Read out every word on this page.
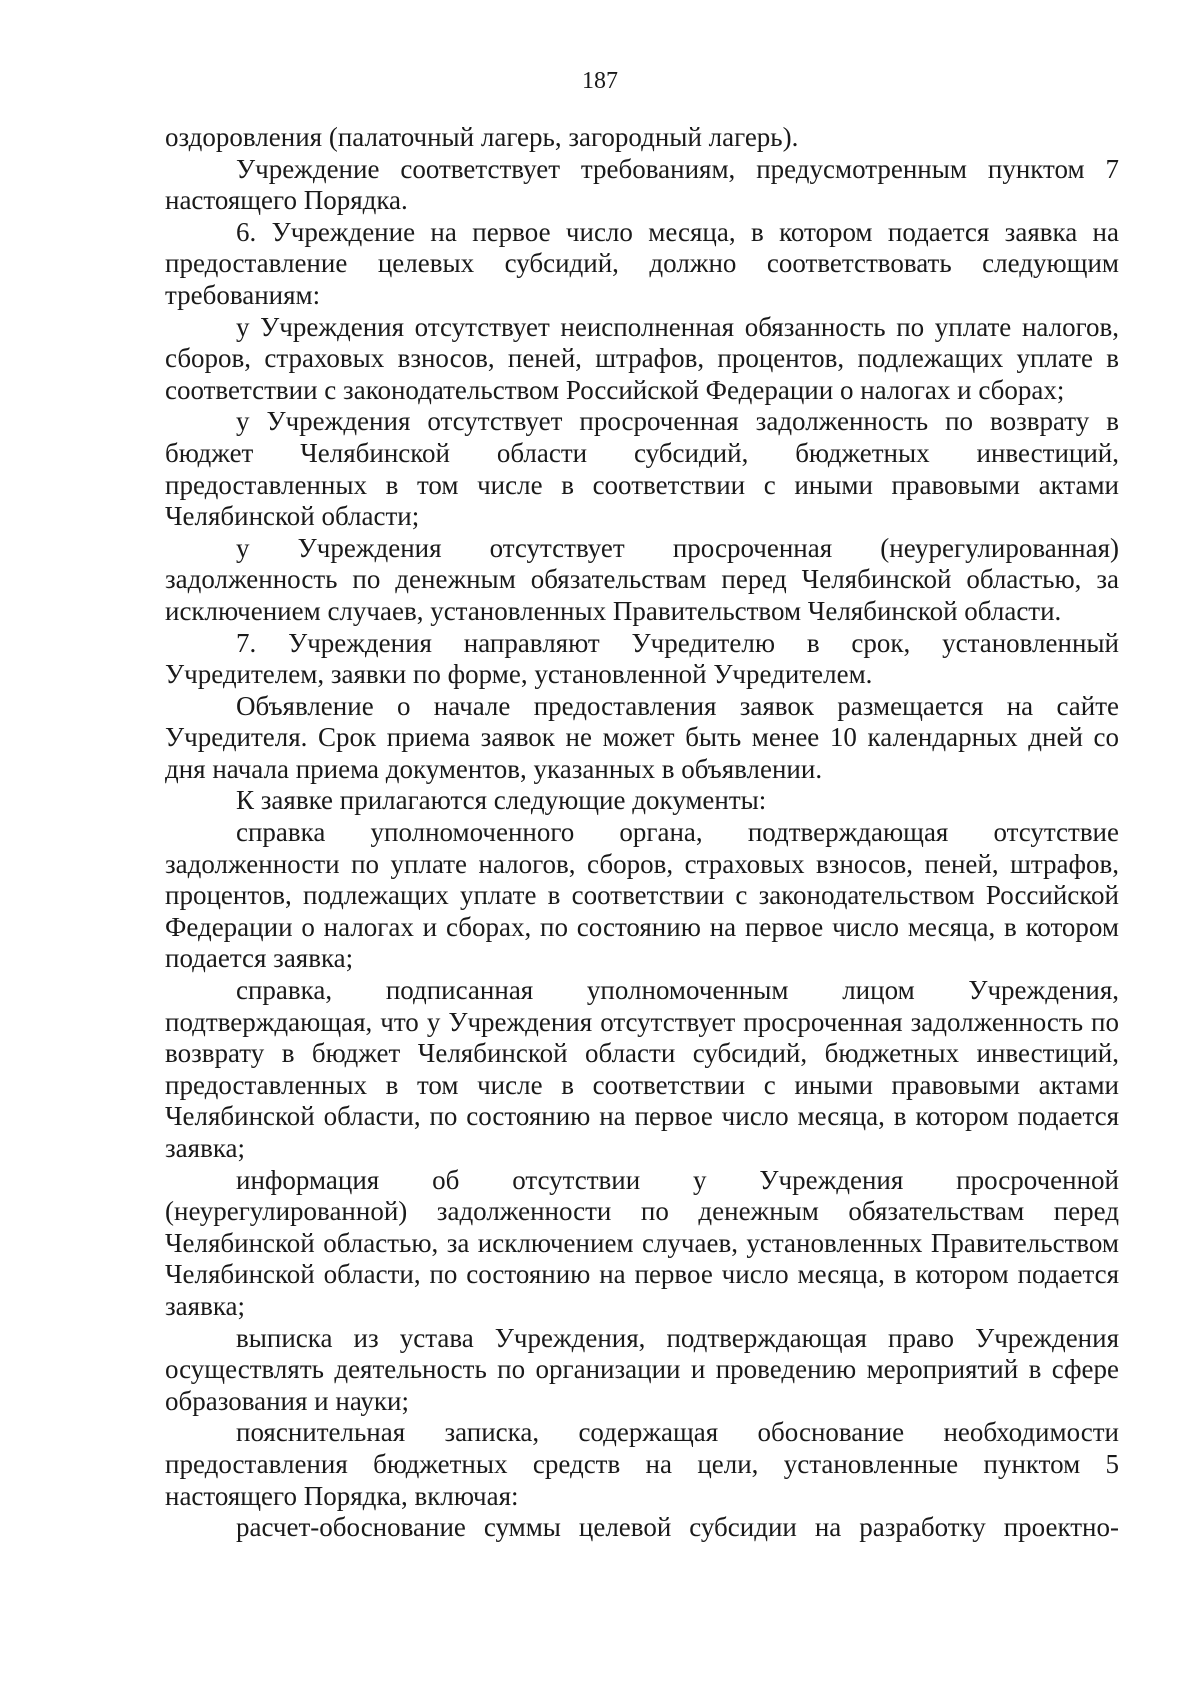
187

оздоровления (палаточный лагерь, загородный лагерь).

Учреждение соответствует требованиям, предусмотренным пунктом 7 настоящего Порядка.

6. Учреждение на первое число месяца, в котором подается заявка на предоставление целевых субсидий, должно соответствовать следующим требованиям:

у Учреждения отсутствует неисполненная обязанность по уплате налогов, сборов, страховых взносов, пеней, штрафов, процентов, подлежащих уплате в соответствии с законодательством Российской Федерации о налогах и сборах;

у Учреждения отсутствует просроченная задолженность по возврату в бюджет Челябинской области субсидий, бюджетных инвестиций, предоставленных в том числе в соответствии с иными правовыми актами Челябинской области;

у Учреждения отсутствует просроченная (неурегулированная) задолженность по денежным обязательствам перед Челябинской областью, за исключением случаев, установленных Правительством Челябинской области.

7. Учреждения направляют Учредителю в срок, установленный Учредителем, заявки по форме, установленной Учредителем.

Объявление о начале предоставления заявок размещается на сайте Учредителя. Срок приема заявок не может быть менее 10 календарных дней со дня начала приема документов, указанных в объявлении.

К заявке прилагаются следующие документы:

справка уполномоченного органа, подтверждающая отсутствие задолженности по уплате налогов, сборов, страховых взносов, пеней, штрафов, процентов, подлежащих уплате в соответствии с законодательством Российской Федерации о налогах и сборах, по состоянию на первое число месяца, в котором подается заявка;

справка, подписанная уполномоченным лицом Учреждения, подтверждающая, что у Учреждения отсутствует просроченная задолженность по возврату в бюджет Челябинской области субсидий, бюджетных инвестиций, предоставленных в том числе в соответствии с иными правовыми актами Челябинской области, по состоянию на первое число месяца, в котором подается заявка;

информация об отсутствии у Учреждения просроченной (неурегулированной) задолженности по денежным обязательствам перед Челябинской областью, за исключением случаев, установленных Правительством Челябинской области, по состоянию на первое число месяца, в котором подается заявка;

выписка из устава Учреждения, подтверждающая право Учреждения осуществлять деятельность по организации и проведению мероприятий в сфере образования и науки;

пояснительная записка, содержащая обоснование необходимости предоставления бюджетных средств на цели, установленные пунктом 5 настоящего Порядка, включая:

расчет-обоснование суммы целевой субсидии на разработку проектно-
